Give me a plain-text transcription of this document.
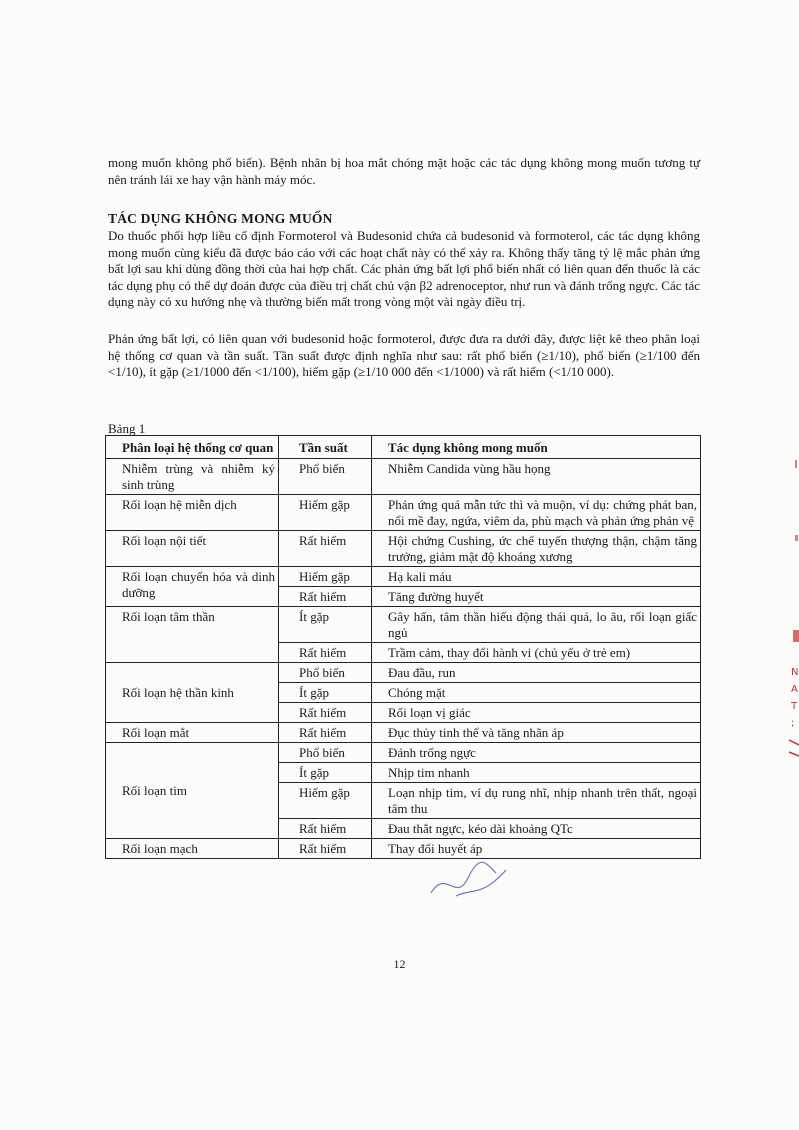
mong muốn không phổ biến). Bệnh nhân bị hoa mắt chóng mặt hoặc các tác dụng không mong muốn tương tự nên tránh lái xe hay vận hành máy móc.

TÁC DỤNG KHÔNG MONG MUỐN

Do thuốc phối hợp liều cố định Formoterol và Budesonid chứa cả budesonid và formoterol, các tác dụng không mong muốn cùng kiểu đã được báo cáo với các hoạt chất này có thể xảy ra. Không thấy tăng tỷ lệ mắc phản ứng bất lợi sau khi dùng đồng thời của hai hợp chất. Các phản ứng bất lợi phổ biến nhất có liên quan đến thuốc là các tác dụng phụ có thể dự đoán được của điều trị chất chủ vận β2 adrenoceptor, như run và đánh trống ngực. Các tác dụng này có xu hướng nhẹ và thường biến mất trong vòng một vài ngày điều trị.

Phản ứng bất lợi, có liên quan với budesonid hoặc formoterol, được đưa ra dưới đây, được liệt kê theo phân loại hệ thống cơ quan và tần suất. Tần suất được định nghĩa như sau: rất phổ biến (≥1/10), phổ biến (≥1/100 đến <1/10), ít gặp (≥1/1000 đến <1/100), hiếm gặp (≥1/10 000 đến <1/1000) và rất hiếm (<1/10 000).

Bảng 1

Phân loại hệ thống cơ quan	Tần suất	Tác dụng không mong muốn
Nhiễm trùng và nhiễm ký sinh trùng	Phổ biến	Nhiễm Candida vùng hầu họng
Rối loạn hệ miễn dịch	Hiếm gặp	Phản ứng quá mẫn tức thì và muộn, ví dụ: chứng phát ban, nổi mề đay, ngứa, viêm da, phù mạch và phản ứng phản vệ
Rối loạn nội tiết	Rất hiếm	Hội chứng Cushing, ức chế tuyến thượng thận, chậm tăng trưởng, giảm mật độ khoáng xương
Rối loạn chuyển hóa và dinh dưỡng	Hiếm gặp	Hạ kali máu
	Rất hiếm	Tăng đường huyết
Rối loạn tâm thần	Ít gặp	Gây hấn, tâm thần hiếu động thái quá, lo âu, rối loạn giấc ngủ
	Rất hiếm	Trầm cảm, thay đổi hành vi (chủ yếu ở trẻ em)
Rối loạn hệ thần kinh	Phổ biến	Đau đầu, run
	Ít gặp	Chóng mặt
	Rất hiếm	Rối loạn vị giác
Rối loạn mắt	Rất hiếm	Đục thủy tinh thể và tăng nhãn áp
Rối loạn tim	Phổ biến	Đánh trống ngực
	Ít gặp	Nhịp tim nhanh
	Hiếm gặp	Loạn nhịp tim, ví dụ rung nhĩ, nhịp nhanh trên thất, ngoại tâm thu
	Rất hiếm	Đau thắt ngực, kéo dài khoảng QTc
Rối loạn mạch	Rất hiếm	Thay đổi huyết áp

12

N
A
T
;
